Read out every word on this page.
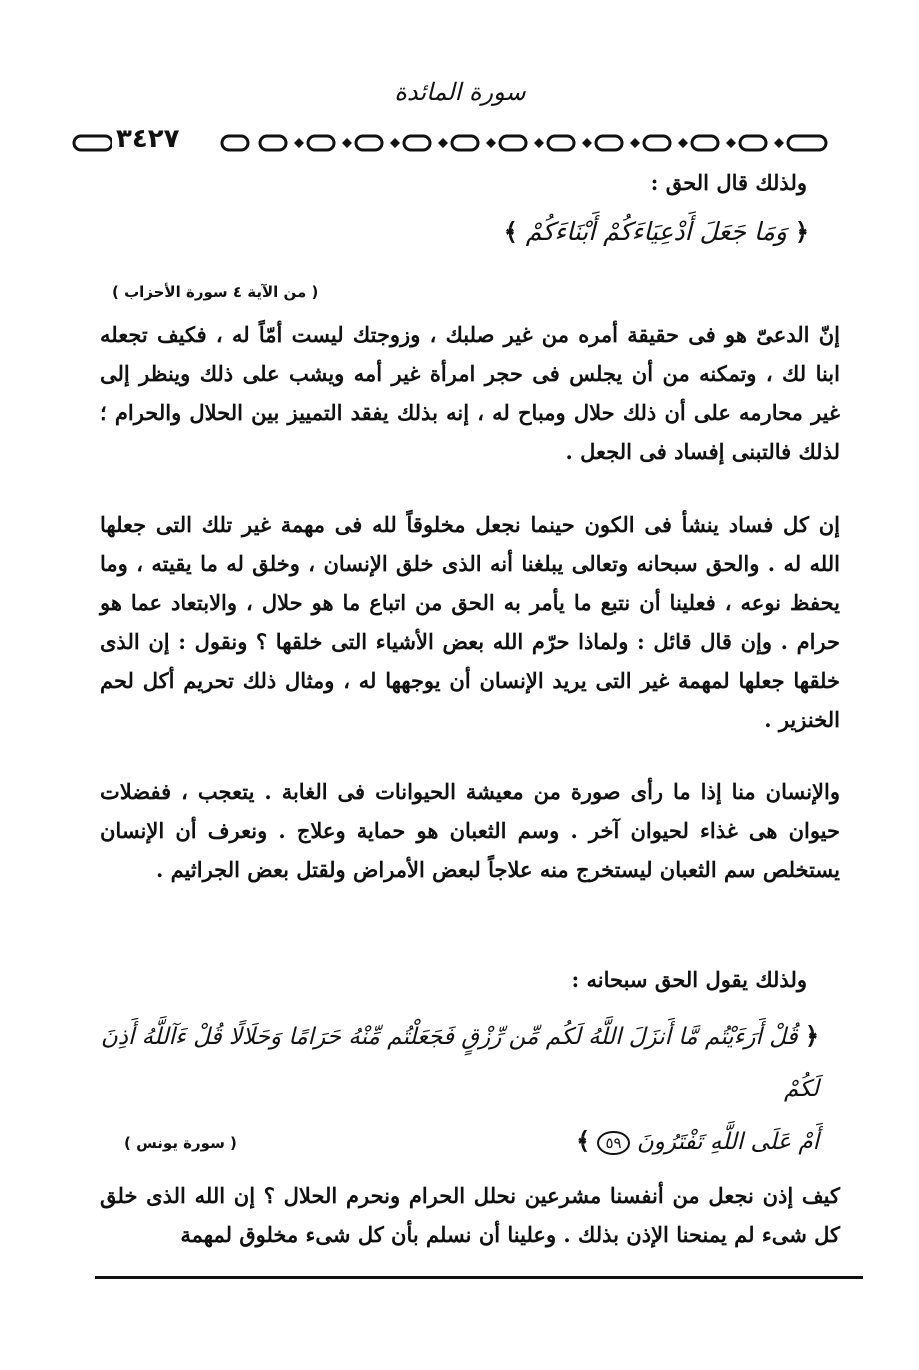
سورة المائدة
٣٤٢٧
ولذلك قال الحق :
﴿ وَمَا جَعَلَ أَدْعِيَاءَكُمْ أَبْنَاءَكُمْ ﴾
( من الآية ٤ سورة الأحزاب )
إنّ الدعىّ هو فى حقيقة أمره من غير صلبك ، وزوجتك ليست أمّاً له ، فكيف تجعله ابنا لك ، وتمكنه من أن يجلس فى حجر امرأة غير أمه ويشب على ذلك وينظر إلى غير محارمه على أن ذلك حلال ومباح له ، إنه بذلك يفقد التمييز بين الحلال والحرام ؛ لذلك فالتبنى إفساد فى الجعل .
إن كل فساد ينشأ فى الكون حينما نجعل مخلوقاً لله فى مهمة غير تلك التى جعلها الله له . والحق سبحانه وتعالى يبلغنا أنه الذى خلق الإنسان ، وخلق له ما يقيته ، وما يحفظ نوعه ، فعلينا أن نتبع ما يأمر به الحق من اتباع ما هو حلال ، والابتعاد عما هو حرام . وإن قال قائل : ولماذا حرّم الله بعض الأشياء التى خلقها ؟ ونقول : إن الذى خلقها جعلها لمهمة غير التى يريد الإنسان أن يوجهها له ، ومثال ذلك تحريم أكل لحم الخنزير .
والإنسان منا إذا ما رأى صورة من معيشة الحيوانات فى الغابة . يتعجب ، ففضلات حيوان هى غذاء لحيوان آخر . وسم الثعبان هو حماية وعلاج . ونعرف أن الإنسان يستخلص سم الثعبان ليستخرج منه علاجاً لبعض الأمراض ولقتل بعض الجراثيم .
ولذلك يقول الحق سبحانه :
﴿ قُلْ أَرَءَيْتُم مَّا أَنزَلَ اللَّهُ لَكُم مِّن رِّزْقٍ فَجَعَلْتُم مِّنْهُ حَرَامًا وَحَلَالًا قُلْ ءَآللَّهُ أَذِنَ لَكُمْ
أَمْ عَلَى اللَّهِ تَفْتَرُونَ ٥٩ ﴾
( سورة يونس )
كيف إذن نجعل من أنفسنا مشرعين نحلل الحرام ونحرم الحلال ؟ إن الله الذى خلق كل شىء لم يمنحنا الإذن بذلك . وعلينا أن نسلم بأن كل شىء مخلوق لمهمة
